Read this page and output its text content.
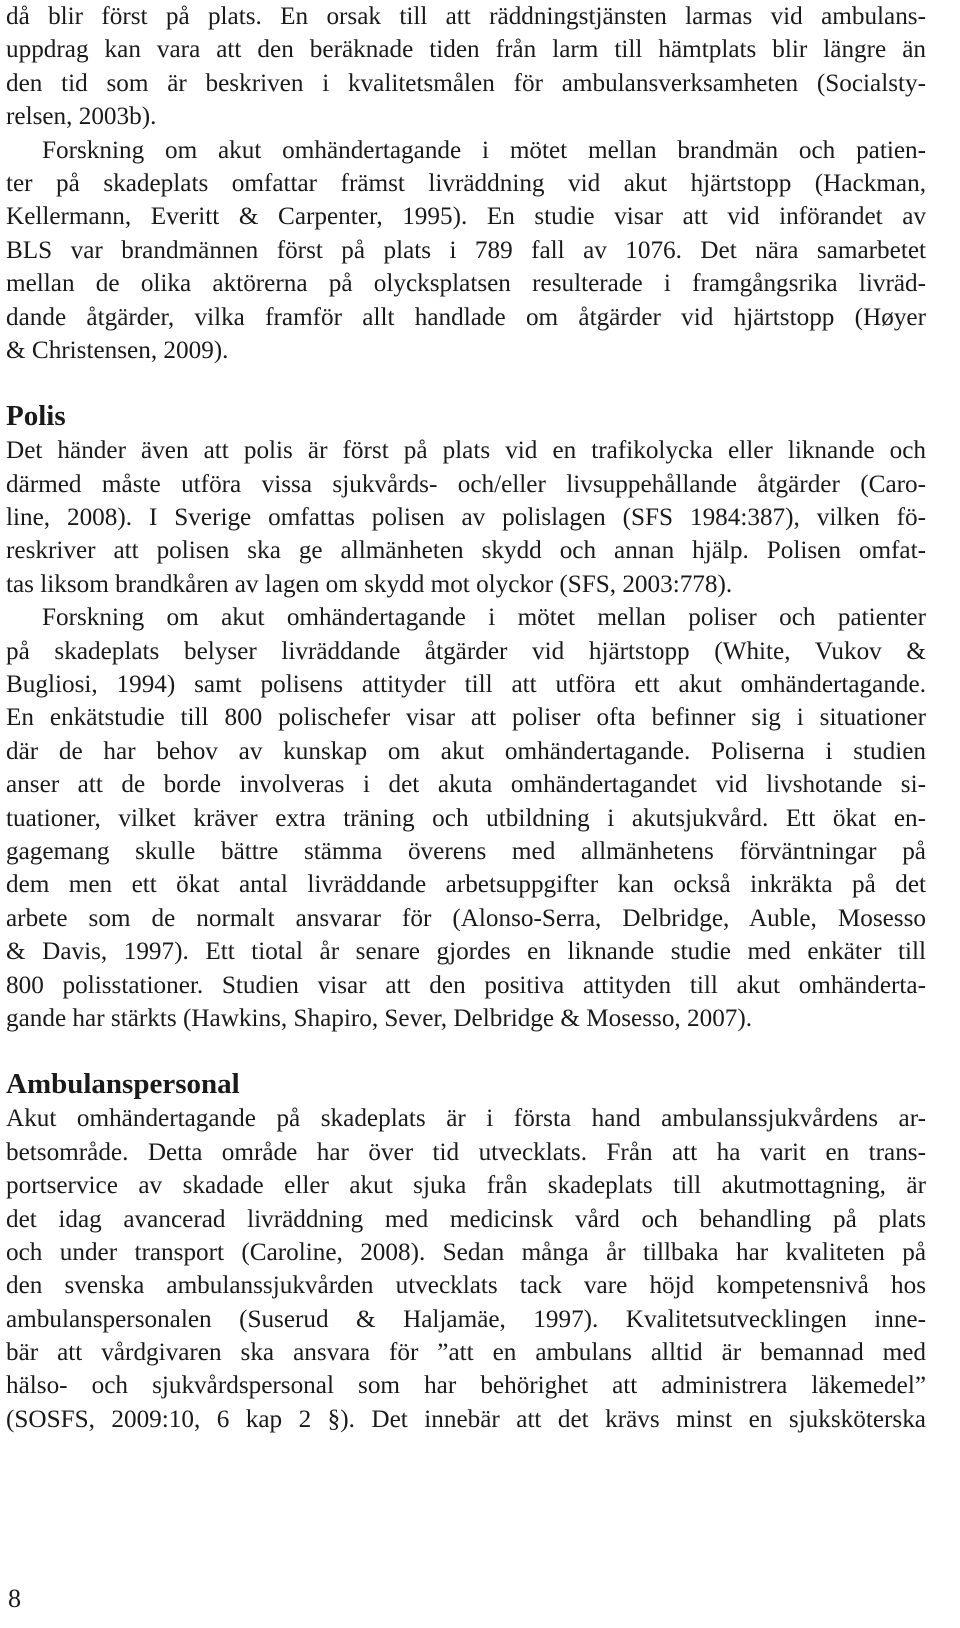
då blir först på plats. En orsak till att räddningstjänsten larmas vid ambulans-
uppdrag kan vara att den beräknade tiden från larm till hämtplats blir längre än
den tid som är beskriven i kvalitetsmålen för ambulansverksamheten (Socialsty-
relsen, 2003b).
Forskning om akut omhändertagande i mötet mellan brandmän och patien-
ter på skadeplats omfattar främst livräddning vid akut hjärtstopp (Hackman,
Kellermann, Everitt & Carpenter, 1995). En studie visar att vid införandet av
BLS var brandmännen först på plats i 789 fall av 1076. Det nära samarbetet
mellan de olika aktörerna på olycksplatsen resulterade i framgångsrika livräd-
dande åtgärder, vilka framför allt handlade om åtgärder vid hjärtstopp (Høyer
& Christensen, 2009).
Polis
Det händer även att polis är först på plats vid en trafikolycka eller liknande och
därmed måste utföra vissa sjukvårds- och/eller livsuppehållande åtgärder (Caro-
line, 2008). I Sverige omfattas polisen av polislagen (SFS 1984:387), vilken fö-
reskriver att polisen ska ge allmänheten skydd och annan hjälp. Polisen omfat-
tas liksom brandkåren av lagen om skydd mot olyckor (SFS, 2003:778).
Forskning om akut omhändertagande i mötet mellan poliser och patienter
på skadeplats belyser livräddande åtgärder vid hjärtstopp (White, Vukov &
Bugliosi, 1994) samt polisens attityder till att utföra ett akut omhändertagande.
En enkätstudie till 800 polischefer visar att poliser ofta befinner sig i situationer
där de har behov av kunskap om akut omhändertagande. Poliserna i studien
anser att de borde involveras i det akuta omhändertagandet vid livshotande si-
tuationer, vilket kräver extra träning och utbildning i akutsjukvård. Ett ökat en-
gagemang skulle bättre stämma överens med allmänhetens förväntningar på
dem men ett ökat antal livräddande arbetsuppgifter kan också inkräkta på det
arbete som de normalt ansvarar för (Alonso-Serra, Delbridge, Auble, Mosesso
& Davis, 1997). Ett tiotal år senare gjordes en liknande studie med enkäter till
800 polisstationer. Studien visar att den positiva attityden till akut omhänderta-
gande har stärkts (Hawkins, Shapiro, Sever, Delbridge & Mosesso, 2007).
Ambulanspersonal
Akut omhändertagande på skadeplats är i första hand ambulanssjukvårdens ar-
betsområde. Detta område har över tid utvecklats. Från att ha varit en trans-
portservice av skadade eller akut sjuka från skadeplats till akutmottagning, är
det idag avancerad livräddning med medicinsk vård och behandling på plats
och under transport (Caroline, 2008). Sedan många år tillbaka har kvaliteten på
den svenska ambulanssjukvården utvecklats tack vare höjd kompetensnivå hos
ambulanspersonalen (Suserud & Haljamäe, 1997). Kvalitetsutvecklingen inne-
bär att vårdgivaren ska ansvara för ”att en ambulans alltid är bemannad med
hälso- och sjukvårdspersonal som har behörighet att administrera läkemedel”
(SOSFS, 2009:10, 6 kap 2 §). Det innebär att det krävs minst en sjuksköterska
8
